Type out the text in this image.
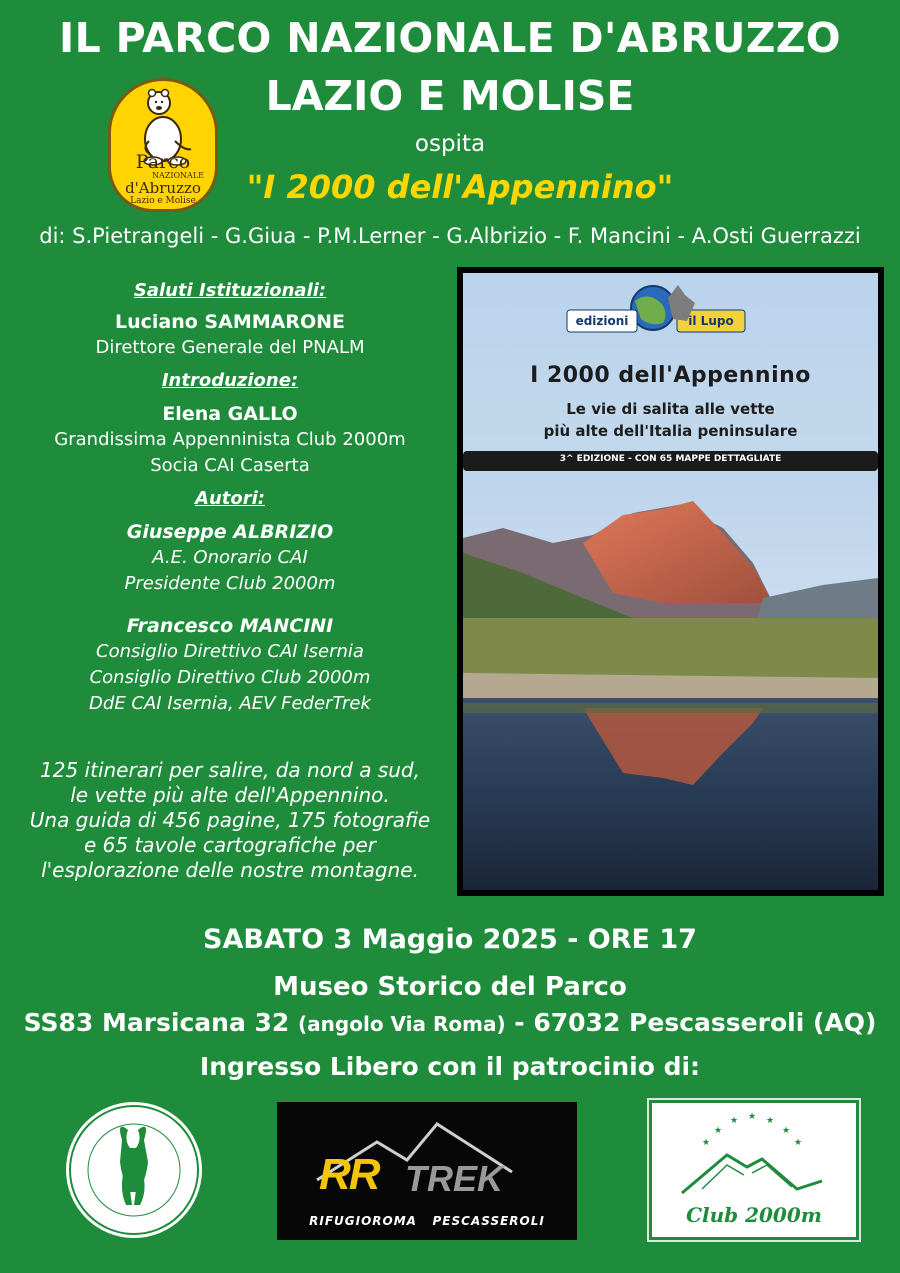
IL PARCO NAZIONALE D'ABRUZZO
LAZIO E MOLISE
ospita
"I 2000 dell'Appennino"
di: S.Pietrangeli - G.Giua - P.M.Lerner - G.Albrizio - F. Mancini - A.Osti Guerrazzi
Parco
NAZIONALE
d'Abruzzo
Lazio e Molise
Saluti Istituzionali:
Luciano SAMMARONE
Direttore Generale del PNALM
Introduzione:
Elena GALLO
Grandissima Appenninista Club 2000m
Socia CAI Caserta
Autori:
Giuseppe ALBRIZIO
A.E. Onorario CAI
Presidente Club 2000m
Francesco MANCINI
Consiglio Direttivo CAI Isernia
Consiglio Direttivo Club 2000m
DdE CAI Isernia, AEV FederTrek
125 itinerari per salire, da nord a sud,
le vette più alte dell'Appennino.
Una guida di 456 pagine, 175 fotografie
e 65 tavole cartografiche per
l'esplorazione delle nostre montagne.
edizioni	il Lupo
I 2000 dell'Appennino
Le vie di salita alle vette
più alte dell'Italia peninsulare
3^ EDIZIONE - CON 65 MAPPE DETTAGLIATE
SABATO 3 Maggio 2025 - ORE 17
Museo Storico del Parco
SS83 Marsicana 32 (angolo Via Roma) - 67032 Pescasseroli (AQ)
Ingresso Libero con il patrocinio di:
RR TREK
RIFUGIOROMA   PESCASSEROLI
★
★
★ ★ ★
★
★
Club 2000m
